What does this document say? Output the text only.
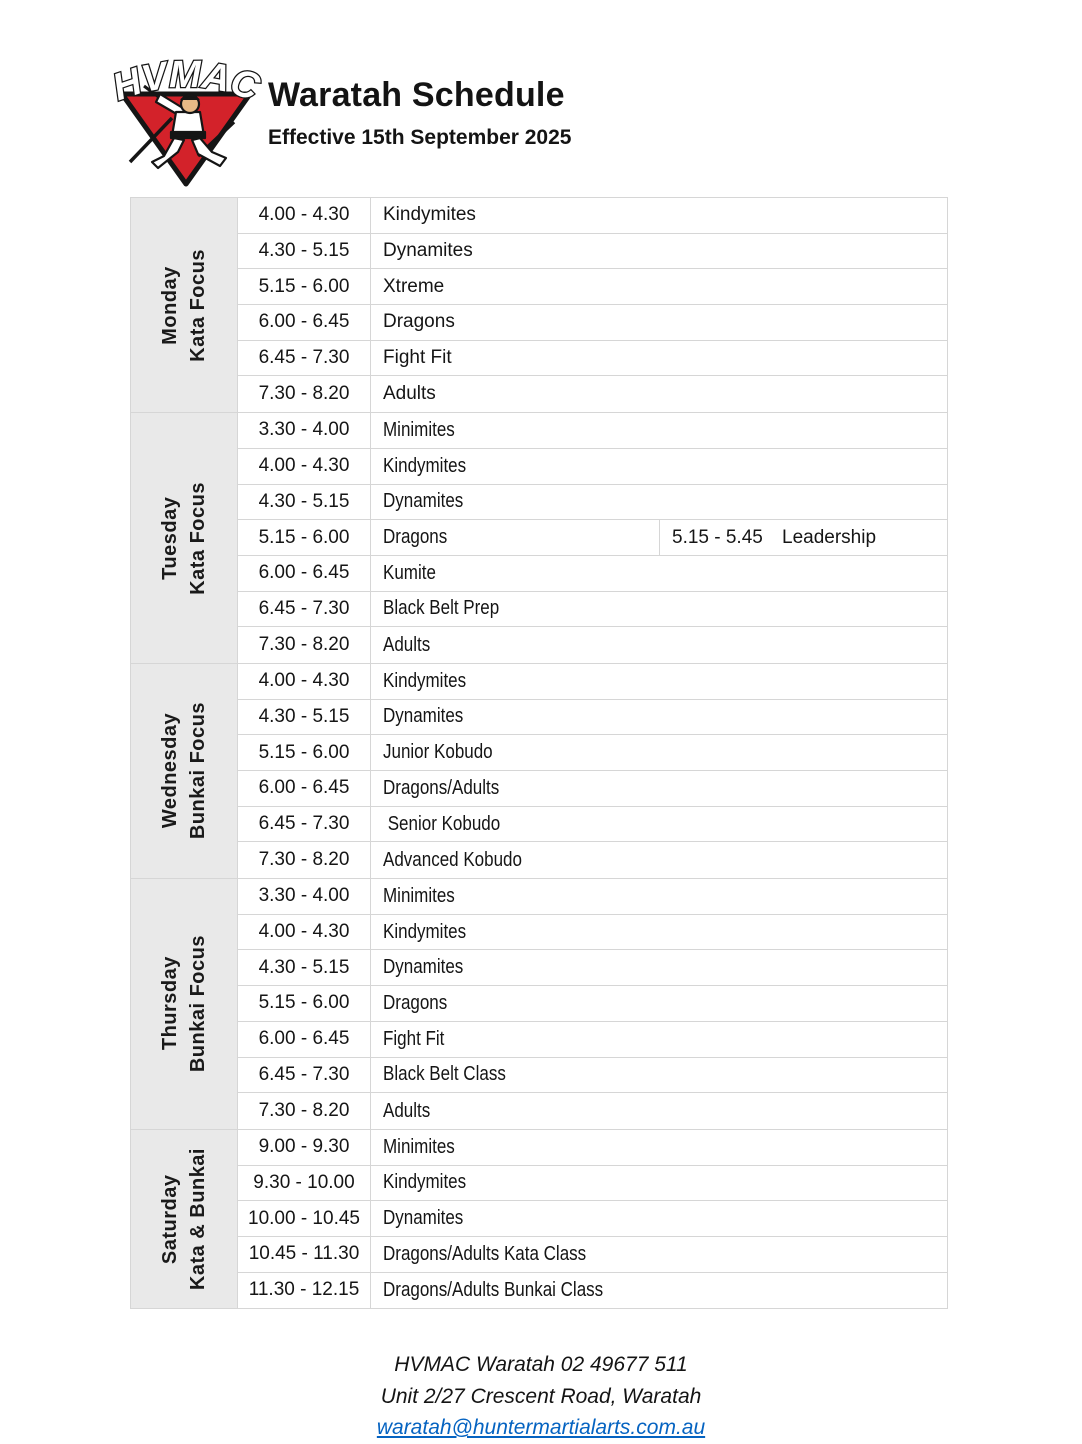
HVMAC Waratah Schedule
Effective 15th September 2025
Monday Kata Focus
4.00 - 4.30 Kindymites
4.30 - 5.15 Dynamites
5.15 - 6.00 Xtreme
6.00 - 6.45 Dragons
6.45 - 7.30 Fight Fit
7.30 - 8.20 Adults
Tuesday Kata Focus
3.30 - 4.00 Minimites
4.00 - 4.30 Kindymites
4.30 - 5.15 Dynamites
5.15 - 6.00 Dragons	5.15 - 5.45	Leadership
6.00 - 6.45 Kumite
6.45 - 7.30 Black Belt Prep
7.30 - 8.20 Adults
Wednesday Bunkai Focus
4.00 - 4.30 Kindymites
4.30 - 5.15 Dynamites
5.15 - 6.00 Junior Kobudo
6.00 - 6.45 Dragons/Adults
6.45 - 7.30 Senior Kobudo
7.30 - 8.20 Advanced Kobudo
Thursday Bunkai Focus
3.30 - 4.00 Minimites
4.00 - 4.30 Kindymites
4.30 - 5.15 Dynamites
5.15 - 6.00 Dragons
6.00 - 6.45 Fight Fit
6.45 - 7.30 Black Belt Class
7.30 - 8.20 Adults
Saturday Kata & Bunkai
9.00 - 9.30 Minimites
9.30 - 10.00 Kindymites
10.00 - 10.45 Dynamites
10.45 - 11.30 Dragons/Adults Kata Class
11.30 - 12.15 Dragons/Adults Bunkai Class
HVMAC Waratah 02 49677 511
Unit 2/27 Crescent Road, Waratah
waratah@huntermartialarts.com.au
